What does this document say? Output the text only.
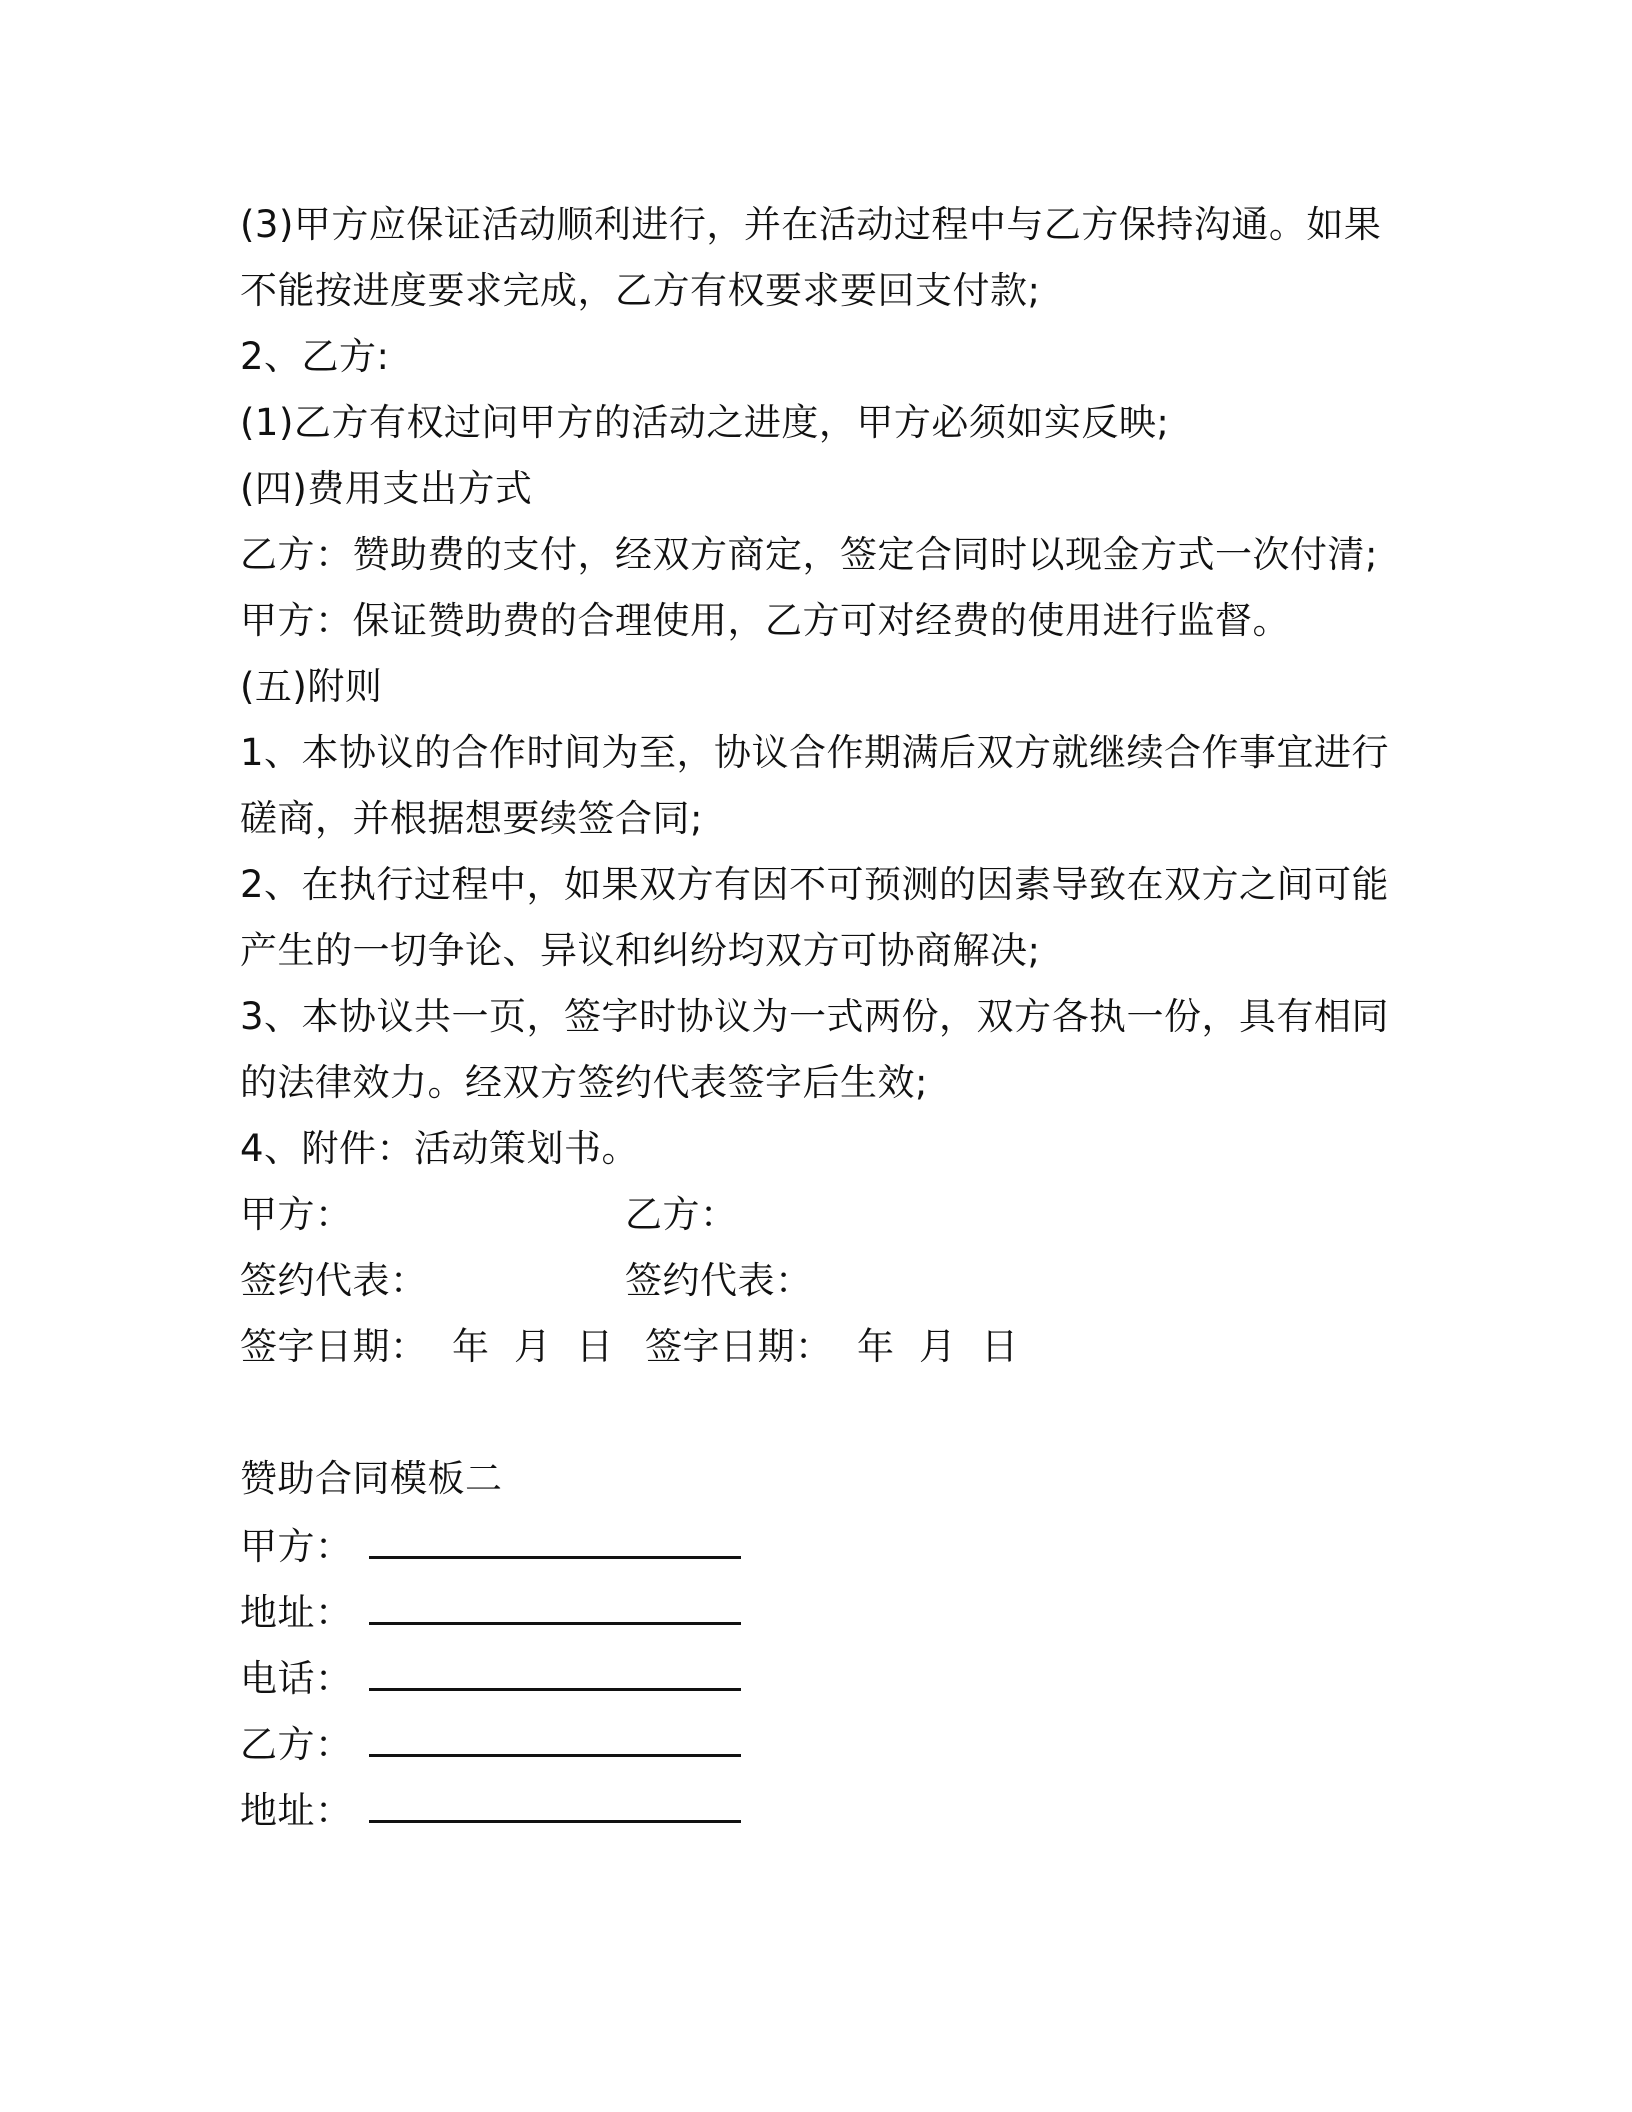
(3)甲方应保证活动顺利进行，并在活动过程中与乙方保持沟通。如果不能按进度要求完成，乙方有权要求要回支付款;

2、乙方:

(1)乙方有权过问甲方的活动之进度，甲方必须如实反映;

(四)费用支出方式

乙方：赞助费的支付，经双方商定，签定合同时以现金方式一次付清;

甲方：保证赞助费的合理使用，乙方可对经费的使用进行监督。

(五)附则

1、本协议的合作时间为至，协议合作期满后双方就继续合作事宜进行磋商，并根据想要续签合同;

2、在执行过程中，如果双方有因不可预测的因素导致在双方之间可能产生的一切争论、异议和纠纷均双方可协商解决;

3、本协议共一页，签字时协议为一式两份，双方各执一份，具有相同的法律效力。经双方签约代表签字后生效;

4、附件：活动策划书。

甲方：	乙方：
签约代表：	签约代表：
签字日期：  年  月  日 签字日期：  年  月  日

赞助合同模板二

甲方：
地址：
电话：
乙方：
地址：
